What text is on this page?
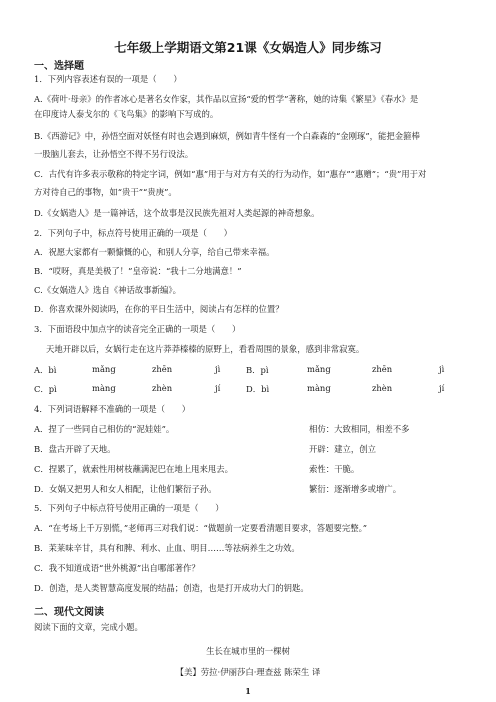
七年级上学期语文第21课《女娲造人》同步练习
一、选择题
1．下列内容表述有误的一项是（　　）
A.《荷叶·母亲》的作者冰心是著名女作家，其作品以宣扬“爱的哲学”著称，她的诗集《繁星》《春水》是
在印度诗人泰戈尔的《飞鸟集》的影响下写成的。
B.《西游记》中，孙悟空面对妖怪有时也会遇到麻烦，例如青牛怪有一个白森森的“金刚琢”，能把金箍棒
一股脑儿套去，让孙悟空不得不另行设法。
C．古代有许多表示敬称的特定字词，例如“惠”用于与对方有关的行为动作，如“惠存”“惠赠”；“贵”用于对
方对待自己的事物，如“贵干”“贵庚”。
D.《女娲造人》是一篇神话，这个故事是汉民族先祖对人类起源的神奇想象。
2．下列句子中，标点符号使用正确的一项是（　　）
A．祝愿大家都有一颗慷慨的心，和别人分享，给自己带来幸福。
B．“哎呀，真是美极了！”皇帝说：“我十二分地满意！”
C.《女娲造人》选自《神话故事新编》。
D．你喜欢课外阅读吗，在你的平日生活中，阅读占有怎样的位置？
3．下面语段中加点字的读音完全正确的一项是（　　）
天地开辟以后，女娲行走在这片莽莽榛榛的原野上，看看周围的景象，感到非常寂寞。
A．bì	mǎng	zhēn	jì	B．pì	mǎng	zhēn	jì
C．pì	màng	zhèn	jí	D．bì	màng	zhèn	jí
4．下列词语解释不准确的一项是（　　）
A．捏了一些同自己相仿的“泥娃娃”。	相仿：大致相同，相差不多
B．盘古开辟了天地。	开辟：建立，创立
C．捏累了，就索性用树枝蘸满泥巴在地上甩来甩去。	索性：干脆。
D．女娲又把男人和女人相配，让他们繁衍子孙。	繁衍：逐渐增多或增广。
5．下列句子中标点符号使用正确的一项是（　　）
A．“在考场上千万别慌，”老师再三对我们说：“做题前一定要看清题目要求，答题要完整。”
B．茉莱味辛甘，具有和脾、利水、止血、明目……等祛病养生之功效。
C．我不知道成语“世外桃源”出自哪部著作？
D．创造，是人类智慧高度发展的结晶；创造，也是打开成功大门的钥匙。
二、现代文阅读
阅读下面的文章，完成小题。
生长在城市里的一棵树
【美】劳拉·伊丽莎白·理查兹 陈荣生 译
1
